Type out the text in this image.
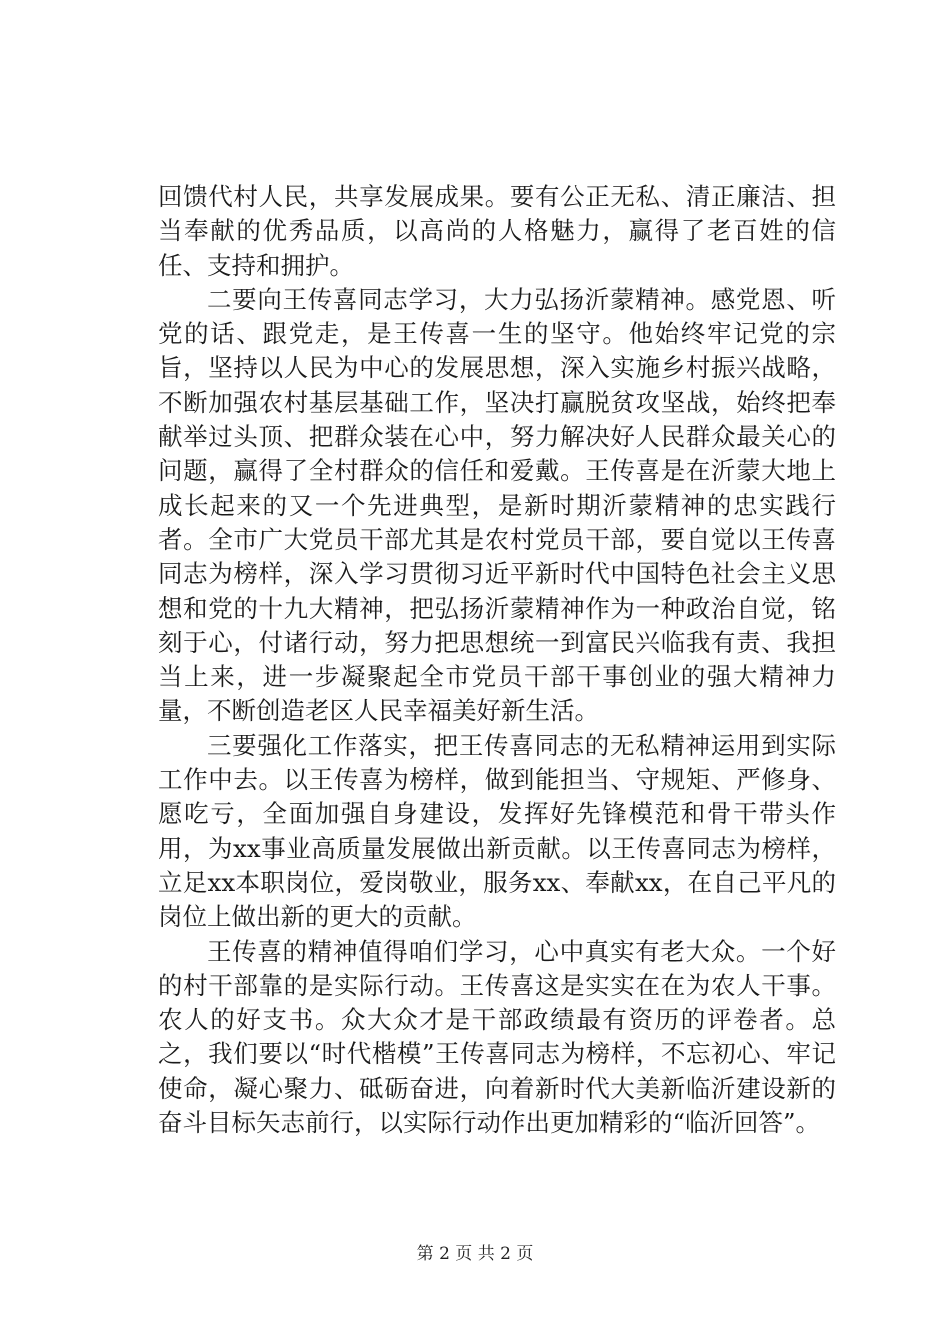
回馈代村人民，共享发展成果。要有公正无私、清正廉洁、担当奉献的优秀品质，以高尚的人格魅力，赢得了老百姓的信任、支持和拥护。

二要向王传喜同志学习，大力弘扬沂蒙精神。感党恩、听党的话、跟党走，是王传喜一生的坚守。他始终牢记党的宗旨，坚持以人民为中心的发展思想，深入实施乡村振兴战略，不断加强农村基层基础工作，坚决打赢脱贫攻坚战，始终把奉献举过头顶、把群众装在心中，努力解决好人民群众最关心的问题，赢得了全村群众的信任和爱戴。王传喜是在沂蒙大地上成长起来的又一个先进典型，是新时期沂蒙精神的忠实践行者。全市广大党员干部尤其是农村党员干部，要自觉以王传喜同志为榜样，深入学习贯彻习近平新时代中国特色社会主义思想和党的十九大精神，把弘扬沂蒙精神作为一种政治自觉，铭刻于心，付诸行动，努力把思想统一到富民兴临我有责、我担当上来，进一步凝聚起全市党员干部干事创业的强大精神力量，不断创造老区人民幸福美好新生活。

三要强化工作落实，把王传喜同志的无私精神运用到实际工作中去。以王传喜为榜样，做到能担当、守规矩、严修身、愿吃亏，全面加强自身建设，发挥好先锋模范和骨干带头作用，为xx事业高质量发展做出新贡献。以王传喜同志为榜样，立足xx本职岗位，爱岗敬业，服务xx、奉献xx，在自己平凡的岗位上做出新的更大的贡献。

王传喜的精神值得咱们学习，心中真实有老大众。一个好的村干部靠的是实际行动。王传喜这是实实在在为农人干事。农人的好支书。众大众才是干部政绩最有资历的评卷者。总之，我们要以“时代楷模”王传喜同志为榜样，不忘初心、牢记使命，凝心聚力、砥砺奋进，向着新时代大美新临沂建设新的奋斗目标矢志前行，以实际行动作出更加精彩的“临沂回答”。

第 2 页 共 2 页
